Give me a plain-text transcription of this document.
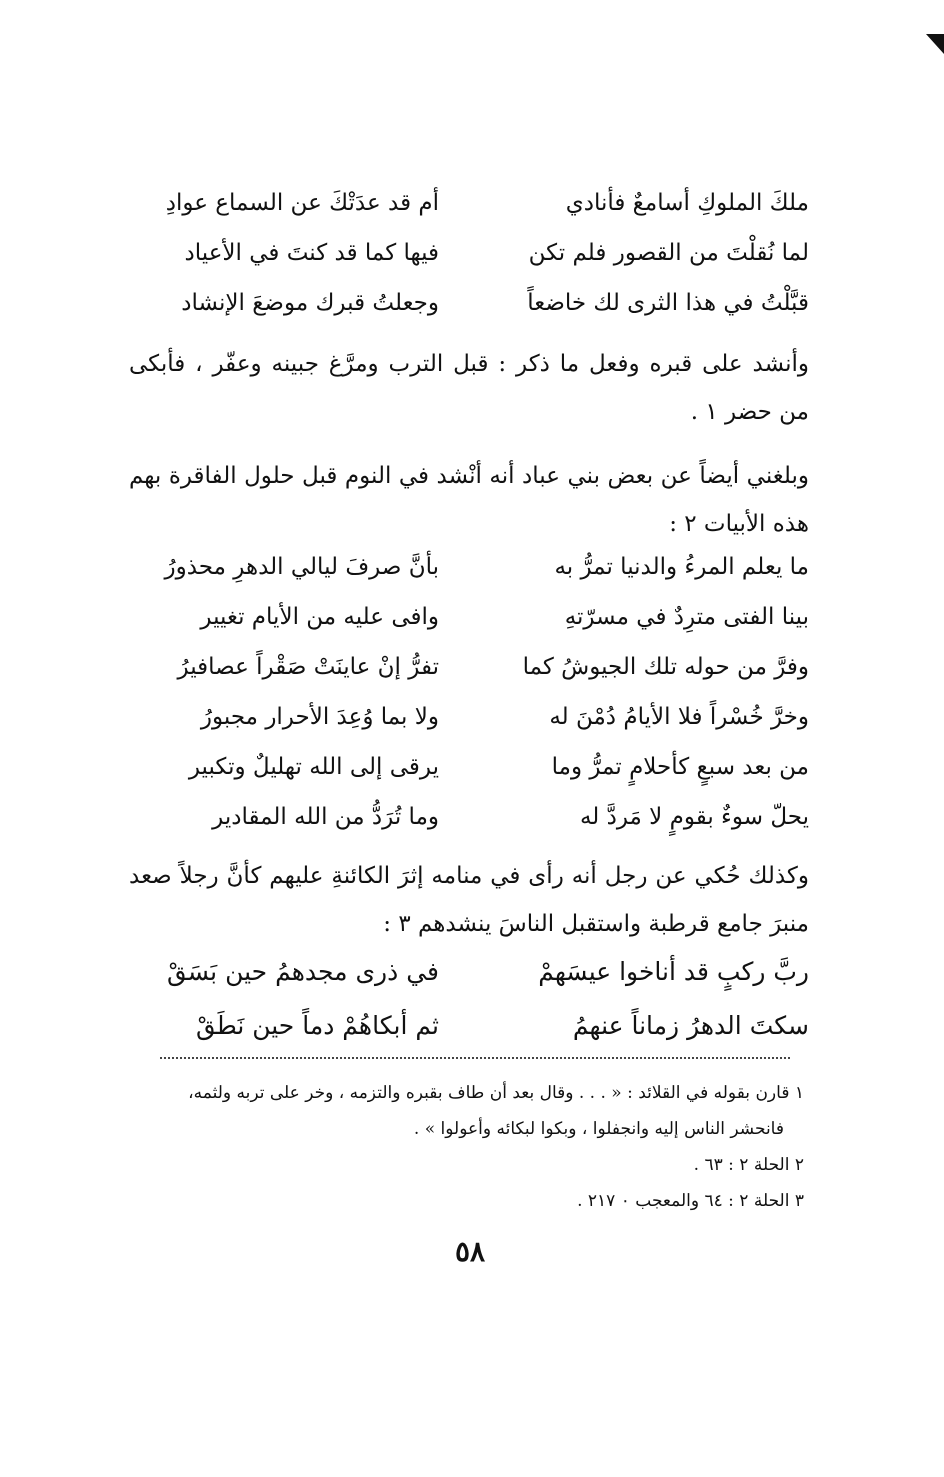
ملكَ الملوكِ أسامعٌ فأنادي
أم قد عدَتْكَ عن السماع عوادِ
لما نُقلْتَ من القصور فلم تكن
فيها كما قد كنتَ في الأعياد
قبَّلْتُ في هذا الثرى لك خاضعاً
وجعلتُ قبرك موضعَ الإنشاد

وأنشد على قبره وفعل ما ذكر : قبل الترب ومرَّغ جبينه وعفّر ، فأبكى من حضر ١ .

وبلغني أيضاً عن بعض بني عباد أنه أنْشد في النوم قبل حلول الفاقرة بهم هذه الأبيات ٢ :

ما يعلم المرءُ والدنيا تمرُّ به
بأنَّ صرفَ ليالي الدهرِ محذورُ
بينا الفتى مترِدٌ في مسرّتهِ
وافى عليه من الأيام تغيير
وفرَّ من حوله تلك الجيوشُ كما
تفرُّ إنْ عاينَتْ صَقْراً عصافيرُ
وخرَّ خُسْراً فلا الأيامُ دُمْنَ له
ولا بما وُعِدَ الأحرار مجبورُ
من بعد سبعٍ كأحلامٍ تمرُّ وما
يرقى إلى الله تهليلٌ وتكبير
يحلّ سوءٌ بقومٍ لا مَردَّ له
وما تُرَدُّ من الله المقادير

وكذلك حُكي عن رجل أنه رأى في منامه إثرَ الكائنةِ عليهم كأنَّ رجلاً صعد منبرَ جامع قرطبة واستقبل الناسَ ينشدهم ٣ :

ربَّ ركبٍ قد أناخوا عيسَهمْ
في ذرى مجدهمُ حين بَسَقْ
سكتَ الدهرُ زماناً عنهمُ
ثم أبكاهُمْ دماً حين نَطَقْ

١ قارن بقوله في القلائد : « . . . وقال بعد أن طاف بقبره والتزمه ، وخر على تربه ولثمه،

فانحشر الناس إليه وانجفلوا ، وبكوا لبكائه وأعولوا » .

٢ الحلة ٢ : ٦٣ .

٣ الحلة ٢ : ٦٤ والمعجب ٠ ٢١٧ .

٥٨
